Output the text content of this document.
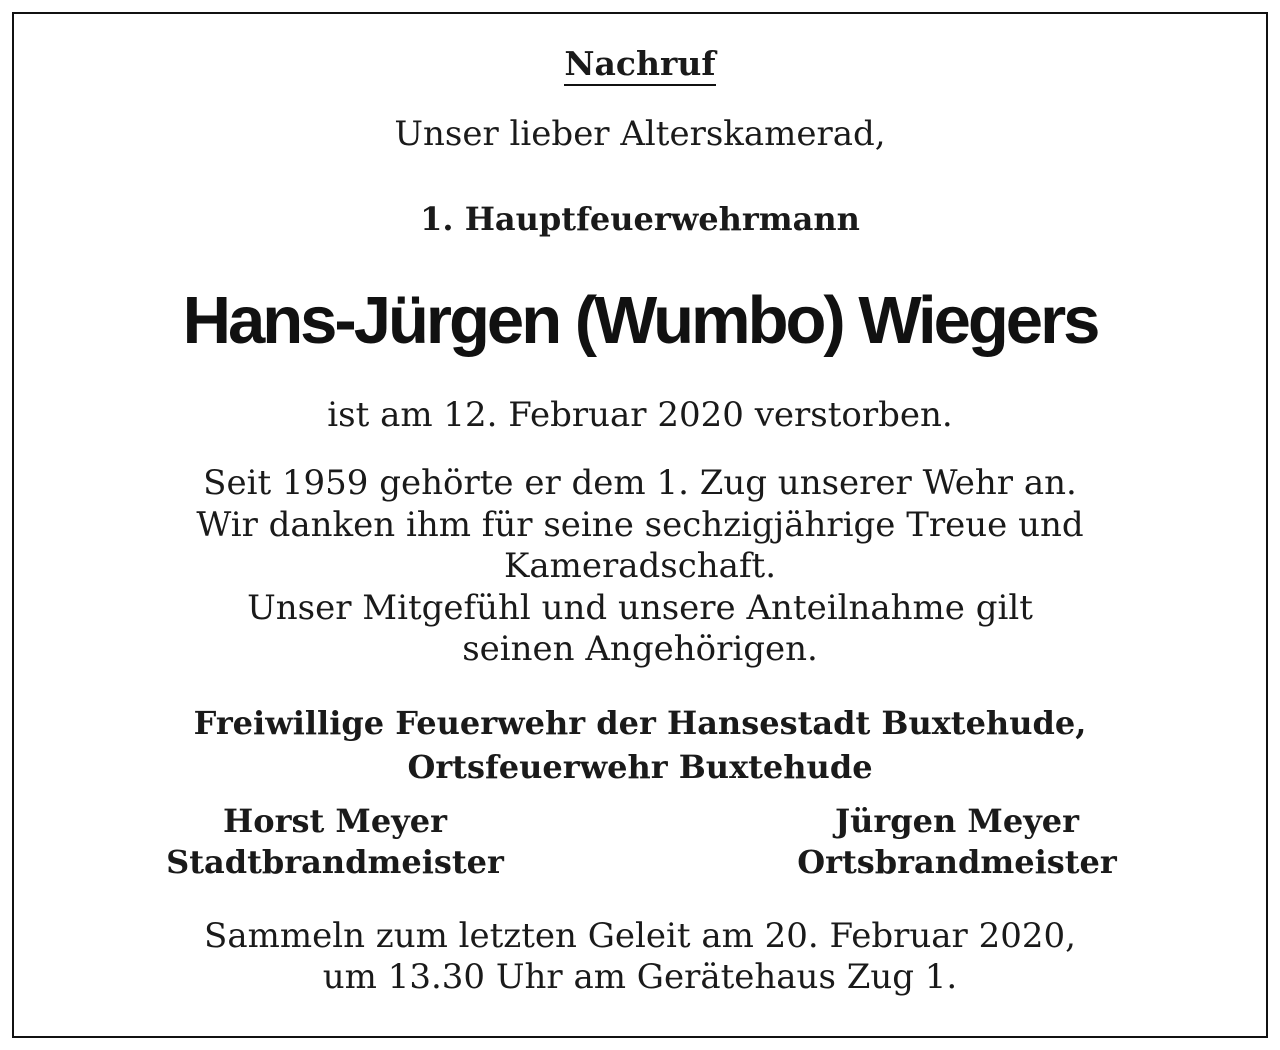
Nachruf
Unser lieber Alterskamerad,
1. Hauptfeuerwehrmann
Hans-Jürgen (Wumbo) Wiegers
ist am 12. Februar 2020 verstorben.
Seit 1959 gehörte er dem 1. Zug unserer Wehr an.
Wir danken ihm für seine sechzigjährige Treue und
Kameradschaft.
Unser Mitgefühl und unsere Anteilnahme gilt
seinen Angehörigen.
Freiwillige Feuerwehr der Hansestadt Buxtehude,
Ortsfeuerwehr Buxtehude
Horst Meyer
Stadtbrandmeister
Jürgen Meyer
Ortsbrandmeister
Sammeln zum letzten Geleit am 20. Februar 2020,
um 13.30 Uhr am Gerätehaus Zug 1.
